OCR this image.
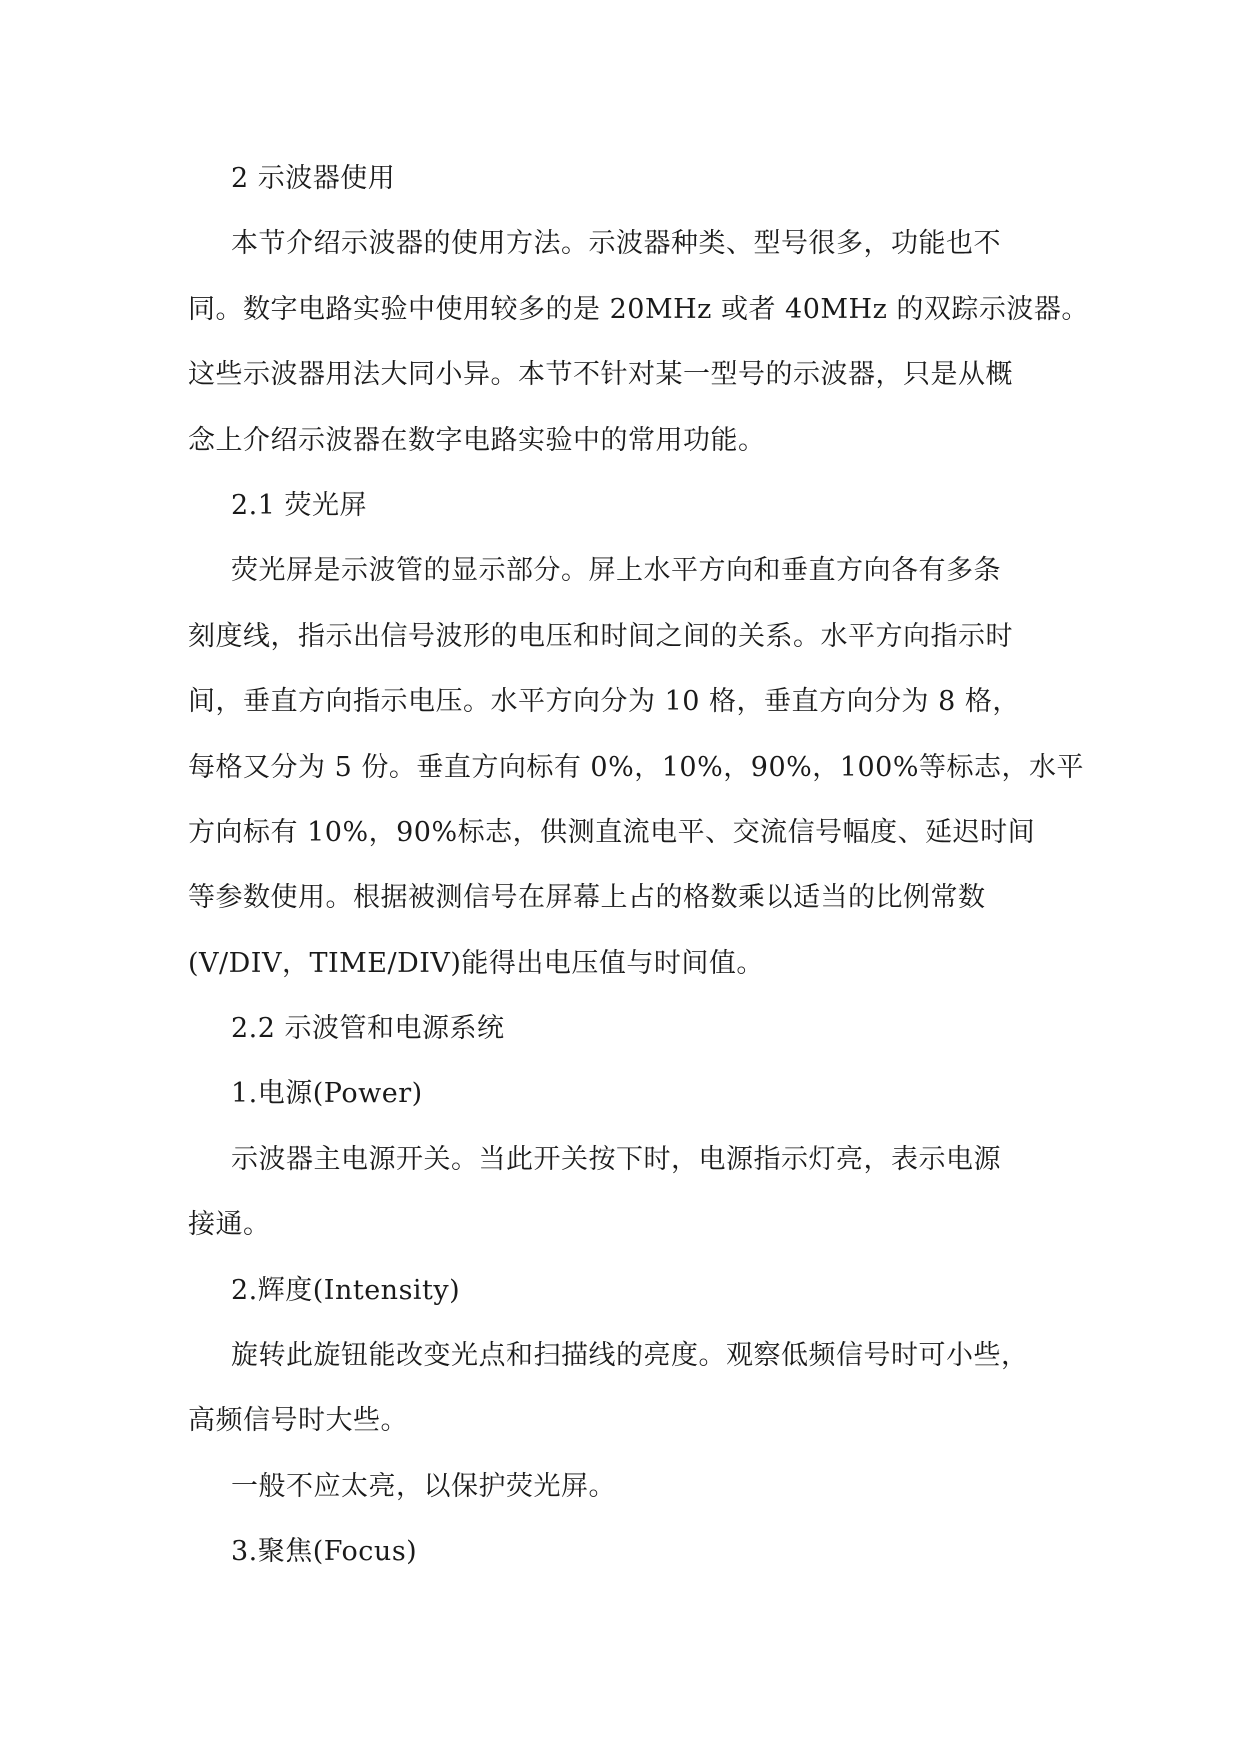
2 示波器使用
本节介绍示波器的使用方法。示波器种类、型号很多，功能也不
同。数字电路实验中使用较多的是 20MHz 或者 40MHz 的双踪示波器。
这些示波器用法大同小异。本节不针对某一型号的示波器，只是从概
念上介绍示波器在数字电路实验中的常用功能。
2.1 荧光屏
荧光屏是示波管的显示部分。屏上水平方向和垂直方向各有多条
刻度线，指示出信号波形的电压和时间之间的关系。水平方向指示时
间，垂直方向指示电压。水平方向分为 10 格，垂直方向分为 8 格，
每格又分为 5 份。垂直方向标有 0%，10%，90%，100%等标志，水平
方向标有 10%，90%标志，供测直流电平、交流信号幅度、延迟时间
等参数使用。根据被测信号在屏幕上占的格数乘以适当的比例常数
(V/DIV，TIME/DIV)能得出电压值与时间值。
2.2 示波管和电源系统
1.电源(Power)
示波器主电源开关。当此开关按下时，电源指示灯亮，表示电源
接通。
2.辉度(Intensity)
旋转此旋钮能改变光点和扫描线的亮度。观察低频信号时可小些，
高频信号时大些。
一般不应太亮，以保护荧光屏。
3.聚焦(Focus)
